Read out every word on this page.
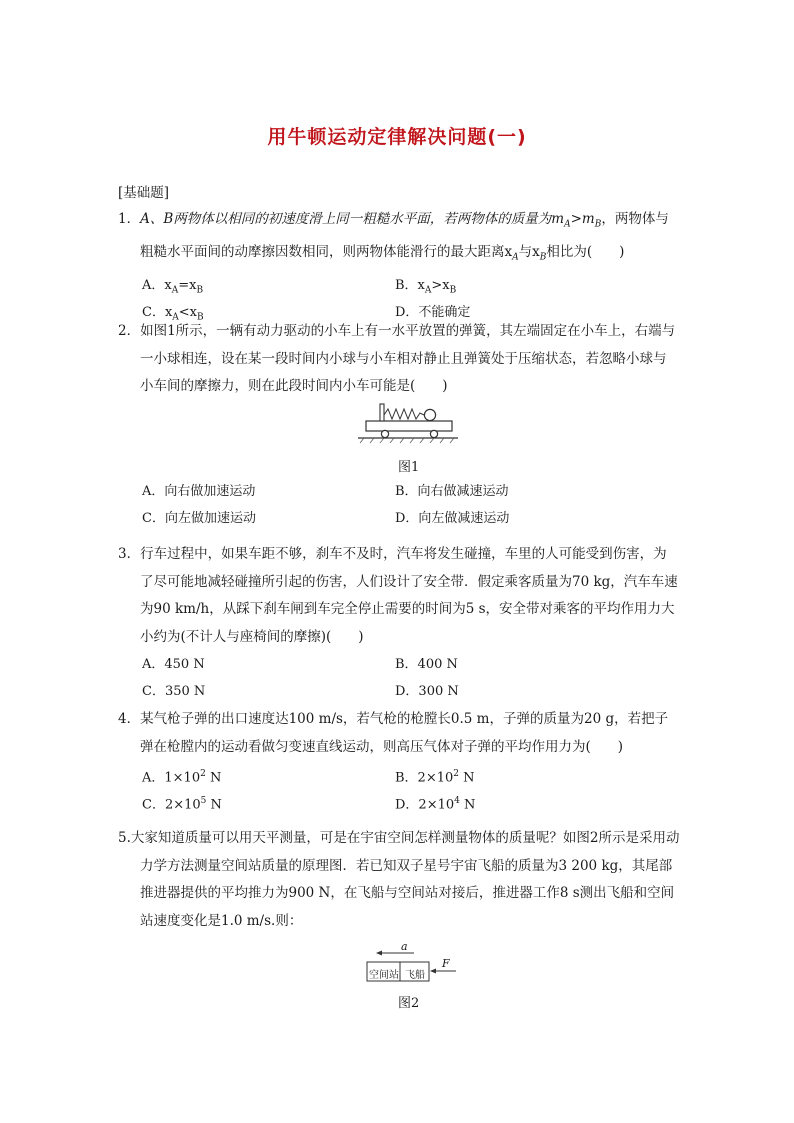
用牛顿运动定律解决问题(一)
[基础题]
1．A、B两物体以相同的初速度滑上同一粗糙水平面，若两物体的质量为$m_A>m_B$，两物体与粗糙水平面间的动摩擦因数相同，则两物体能滑行的最大距离$x_A$与$x_B$相比为(　　)
A．$x_A=x_B$	B．$x_A>x_B$
C．$x_A<x_B$	D．不能确定
2．如图1所示，一辆有动力驱动的小车上有一水平放置的弹簧，其左端固定在小车上，右端与一小球相连，设在某一段时间内小球与小车相对静止且弹簧处于压缩状态，若忽略小球与小车间的摩擦力，则在此段时间内小车可能是(　　)
图1
A．向右做加速运动	B．向右做减速运动
C．向左做加速运动	D．向左做减速运动
3．行车过程中，如果车距不够，刹车不及时，汽车将发生碰撞，车里的人可能受到伤害，为了尽可能地减轻碰撞所引起的伤害，人们设计了安全带．假定乘客质量为70 kg，汽车车速为90 km/h，从踩下刹车闸到车完全停止需要的时间为5 s，安全带对乘客的平均作用力大小约为(不计人与座椅间的摩擦)(　　)
A．450 N	B．400 N
C．350 N	D．300 N
4．某气枪子弹的出口速度达100 m/s，若气枪的枪膛长0.5 m，子弹的质量为20 g，若把子弹在枪膛内的运动看做匀变速直线运动，则高压气体对子弹的平均作用力为(　　)
A．$1\times 10^2$ N	B．$2\times 10^2$ N
C．$2\times 10^5$ N	D．$2\times 10^4$ N
5.大家知道质量可以用天平测量，可是在宇宙空间怎样测量物体的质量呢？如图2所示是采用动力学方法测量空间站质量的原理图．若已知双子星号宇宙飞船的质量为3 200 kg，其尾部推进器提供的平均推力为900 N，在飞船与空间站对接后，推进器工作8 s测出飞船和空间站速度变化是1.0 m/s.则：
a
空间站 飞船
F
图2
